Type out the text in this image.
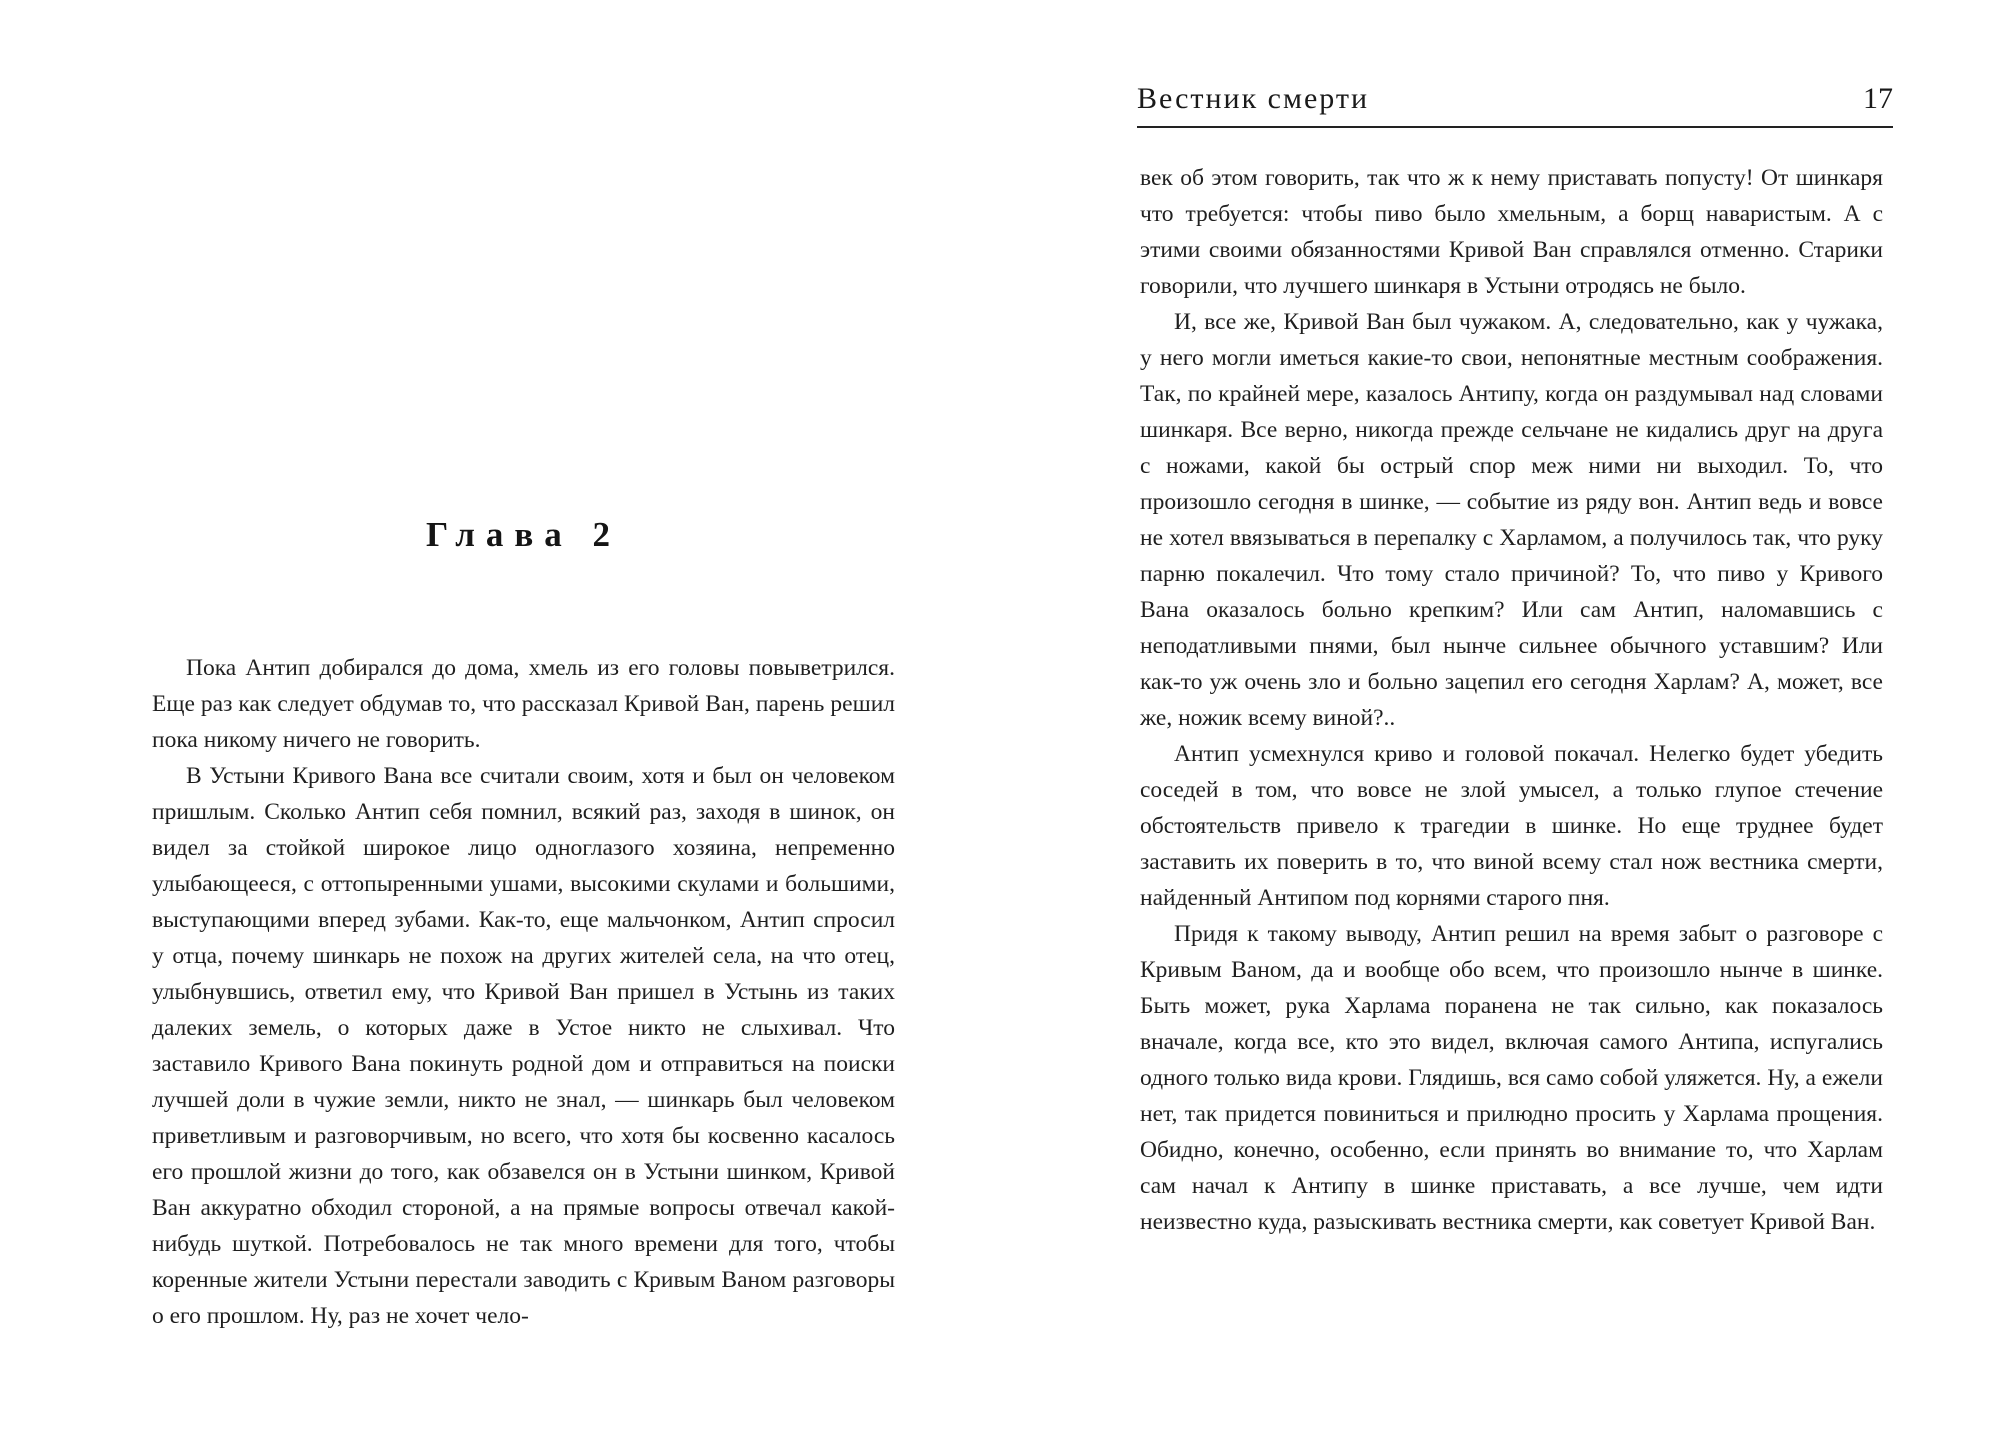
Глава 2

Пока Антип добирался до дома, хмель из его головы повыветрился. Еще раз как следует обдумав то, что рассказал Кривой Ван, парень решил пока никому ничего не говорить.

В Устыни Кривого Вана все считали своим, хотя и был он человеком пришлым. Сколько Антип себя помнил, всякий раз, заходя в шинок, он видел за стойкой широкое лицо одноглазого хозяина, непременно улыбающееся, с оттопыренными ушами, высокими скулами и большими, выступающими вперед зубами. Как-то, еще мальчонком, Антип спросил у отца, почему шинкарь не похож на других жителей села, на что отец, улыбнувшись, ответил ему, что Кривой Ван пришел в Устынь из таких далеких земель, о которых даже в Устое никто не слыхивал. Что заставило Кривого Вана покинуть родной дом и отправиться на поиски лучшей доли в чужие земли, никто не знал, — шинкарь был человеком приветливым и разговорчивым, но всего, что хотя бы косвенно касалось его прошлой жизни до того, как обзавелся он в Устыни шинком, Кривой Ван аккуратно обходил стороной, а на прямые вопросы отвечал какой-нибудь шуткой. Потребовалось не так много времени для того, чтобы коренные жители Устыни перестали заводить с Кривым Ваном разговоры о его прошлом. Ну, раз не хочет чело-

Вестник смерти	17

век об этом говорить, так что ж к нему приставать попусту! От шинкаря что требуется: чтобы пиво было хмельным, а борщ наваристым. А с этими своими обязанностями Кривой Ван справлялся отменно. Старики говорили, что лучшего шинкаря в Устыни отродясь не было.

И, все же, Кривой Ван был чужаком. А, следовательно, как у чужака, у него могли иметься какие-то свои, непонятные местным соображения. Так, по крайней мере, казалось Антипу, когда он раздумывал над словами шинкаря. Все верно, никогда прежде сельчане не кидались друг на друга с ножами, какой бы острый спор меж ними ни выходил. То, что произошло сегодня в шинке, — событие из ряду вон. Антип ведь и вовсе не хотел ввязываться в перепалку с Харламом, а получилось так, что руку парню покалечил. Что тому стало причиной? То, что пиво у Кривого Вана оказалось больно крепким? Или сам Антип, наломавшись с неподатливыми пнями, был нынче сильнее обычного уставшим? Или как-то уж очень зло и больно зацепил его сегодня Харлам? А, может, все же, ножик всему виной?..

Антип усмехнулся криво и головой покачал. Нелегко будет убедить соседей в том, что вовсе не злой умысел, а только глупое стечение обстоятельств привело к трагедии в шинке. Но еще труднее будет заставить их поверить в то, что виной всему стал нож вестника смерти, найденный Антипом под корнями старого пня.

Придя к такому выводу, Антип решил на время забыт о разговоре с Кривым Ваном, да и вообще обо всем, что произошло нынче в шинке. Быть может, рука Харлама поранена не так сильно, как показалось вначале, когда все, кто это видел, включая самого Антипа, испугались одного только вида крови. Глядишь, вся само собой уляжется. Ну, а ежели нет, так придется повиниться и прилюдно просить у Харлама прощения. Обидно, конечно, особенно, если принять во внимание то, что Харлам сам начал к Антипу в шинке приставать, а все лучше, чем идти неизвестно куда, разыскивать вестника смерти, как советует Кривой Ван.
